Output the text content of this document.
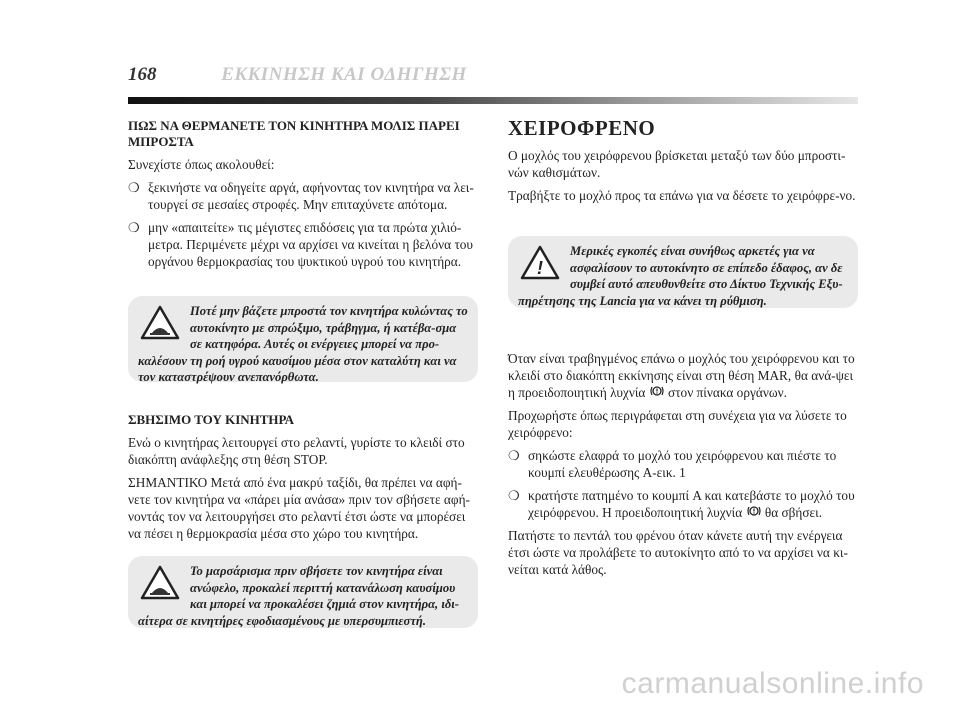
168	ΕΚΚΙΝΗΣΗ ΚΑΙ ΟΔΗΓΗΣΗ
ΠΩΣ ΝΑ ΘΕΡΜΑΝΕΤΕ ΤΟΝ ΚΙΝΗΤΗΡΑ ΜΟΛΙΣ ΠΑΡΕΙ ΜΠΡΟΣΤΑ

Συνεχίστε όπως ακολουθεί:

❍ ξεκινήστε να οδηγείτε αργά, αφήνοντας τον κινητήρα να λει-τουργεί σε μεσαίες στροφές. Μην επιταχύνετε απότομα.
❍ μην «απαιτείτε» τις μέγιστες επιδόσεις για τα πρώτα χιλιό-μετρα. Περιμένετε μέχρι να αρχίσει να κινείται η βελόνα του οργάνου θερμοκρασίας του ψυκτικού υγρού του κινητήρα.
Ποτέ μην βάζετε μπροστά τον κινητήρα κυλώντας το αυτοκίνητο με σπρώξιμο, τράβηγμα, ή κατέβα-σμα σε κατηφόρα. Αυτές οι ενέργειες μπορεί να προ-καλέσουν τη ροή υγρού καυσίμου μέσα στον καταλύτη και να τον καταστρέψουν ανεπανόρθωτα.
ΣΒΗΣΙΜΟ ΤΟΥ ΚΙΝΗΤΗΡΑ

Ενώ ο κινητήρας λειτουργεί στο ρελαντί, γυρίστε το κλειδί στο διακόπτη ανάφλεξης στη θέση STOP.

ΣΗΜΑΝΤΙΚΟ Μετά από ένα μακρύ ταξίδι, θα πρέπει να αφή-νετε τον κινητήρα να «πάρει μία ανάσα» πριν τον σβήσετε αφή-νοντάς τον να λειτουργήσει στο ρελαντί έτσι ώστε να μπορέσει να πέσει η θερμοκρασία μέσα στο χώρο του κινητήρα.

Το μαρσάρισμα πριν σβήσετε τον κινητήρα είναι ανώφελο, προκαλεί περιττή κατανάλωση καυσίμου και μπορεί να προκαλέσει ζημιά στον κινητήρα, ιδι-αίτερα σε κινητήρες εφοδιασμένους με υπερσυμπιεστή.
ΧΕΙΡΟΦΡΕΝΟ

Ο μοχλός του χειρόφρενου βρίσκεται μεταξύ των δύο μπροστι-νών καθισμάτων.

Τραβήξτε το μοχλό προς τα επάνω για να δέσετε το χειρόφρε-νο.

!
Μερικές εγκοπές είναι συνήθως αρκετές για να ασφαλίσουν το αυτοκίνητο σε επίπεδο έδαφος, αν δε συμβεί αυτό απευθυνθείτε στο Δίκτυο Τεχνικής Εξυ-πηρέτησης της Lancia για να κάνει τη ρύθμιση.

Όταν είναι τραβηγμένος επάνω ο μοχλός του χειρόφρενου και το κλειδί στο διακόπτη εκκίνησης είναι στη θέση MAR, θα ανά-ψει η προειδοποιητική λυχνία στον πίνακα οργάνων.

Προχωρήστε όπως περιγράφεται στη συνέχεια για να λύσετε το χειρόφρενο:

❍ σηκώστε ελαφρά το μοχλό του χειρόφρενου και πιέστε το κουμπί ελευθέρωσης A-εικ. 1
❍ κρατήστε πατημένο το κουμπί A και κατεβάστε το μοχλό του χειρόφρενου. Η προειδοποιητική λυχνία θα σβήσει.

Πατήστε το πεντάλ του φρένου όταν κάνετε αυτή την ενέργεια έτσι ώστε να προλάβετε το αυτοκίνητο από το να αρχίσει να κι-νείται κατά λάθος.

carmanualsonline.info
